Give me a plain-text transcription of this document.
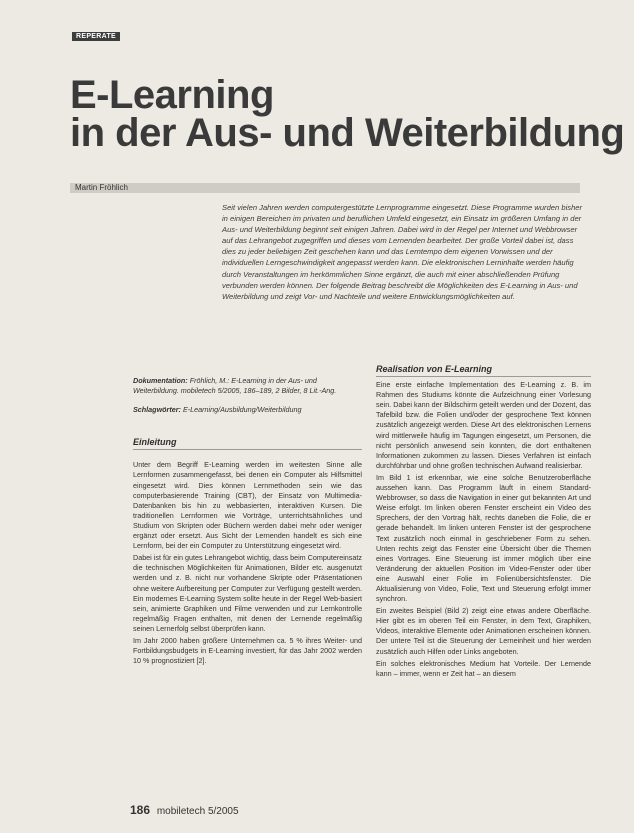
REPERATE
E-Learning
in der Aus- und Weiterbildung
Martin Fröhlich
Seit vielen Jahren werden computergestützte Lernprogramme eingesetzt. Diese Programme wurden bisher in einigen Bereichen im privaten und beruflichen Umfeld eingesetzt, ein Einsatz im größeren Umfang in der Aus- und Weiterbildung beginnt seit einigen Jahren. Dabei wird in der Regel per Internet und Webbrowser auf das Lehrangebot zugegriffen und dieses vom Lernenden bearbeitet. Der große Vorteil dabei ist, dass dies zu jeder beliebigen Zeit geschehen kann und das Lerntempo dem eigenen Vorwissen und der individuellen Lerngeschwindigkeit angepasst werden kann. Die elektronischen Lerninhalte werden häufig durch Veranstaltungen im herkömmlichen Sinne ergänzt, die auch mit einer abschließenden Prüfung verbunden werden können. Der folgende Beitrag beschreibt die Möglichkeiten des E-Learning in Aus- und Weiterbildung und zeigt Vor- und Nachteile und weitere Entwicklungsmöglichkeiten auf.

Dokumentation: Fröhlich, M.: E-Learning in der Aus- und Weiterbildung. mobiletech 5/2005, 186–189, 2 Bilder, 8 Lit.-Ang.

Schlagwörter: E-Learning/Ausbildung/Weiterbildung

Einleitung

Unter dem Begriff E-Learning werden im weitesten Sinne alle Lernformen zusammengefasst, bei denen ein Computer als Hilfsmittel eingesetzt wird. Dies können Lernmethoden sein wie das computerbasierende Training (CBT), der Einsatz von Multimedia-Datenbanken bis hin zu webbasierten, interaktiven Kursen. Die traditionellen Lernformen wie Vorträge, unterrichtsähnliches und Studium von Skripten oder Büchern werden dabei mehr oder weniger ergänzt oder ersetzt. Aus Sicht der Lernenden handelt es sich eine Lernform, bei der ein Computer zu Unterstützung eingesetzt wird.

Dabei ist für ein gutes Lehrangebot wichtig, dass beim Computereinsatz die technischen Möglichkeiten für Animationen, Bilder etc. ausgenutzt werden und z. B. nicht nur vorhandene Skripte oder Präsentationen ohne weitere Aufbereitung per Computer zur Verfügung gestellt werden. Ein modernes E-Learning System sollte heute in der Regel Web-basiert sein, animierte Graphiken und Filme verwenden und zur Lernkontrolle regelmäßig Fragen enthalten, mit denen der Lernende regelmäßig seinen Lernerfolg selbst überprüfen kann.

Im Jahr 2000 haben größere Unternehmen ca. 5 % ihres Weiter- und Fortbildungsbudgets in E-Learning investiert, für das Jahr 2002 werden 10 % prognostiziert [2].

Realisation von E-Learning

Eine erste einfache Implementation des E-Learning z. B. im Rahmen des Studiums könnte die Aufzeichnung einer Vorlesung sein. Dabei kann der Bildschirm geteilt werden und der Dozent, das Tafelbild bzw. die Folien und/oder der gesprochene Text können zusätzlich angezeigt werden. Diese Art des elektronischen Lernens wird mittlerweile häufig im Tagungen eingesetzt, um Personen, die nicht persönlich anwesend sein konnten, die dort enthaltenen Informationen zukommen zu lassen. Dieses Verfahren ist einfach durchführbar und ohne großen technischen Aufwand realisierbar.

Im Bild 1 ist erkennbar, wie eine solche Benutzeroberfläche aussehen kann. Das Programm läuft in einem Standard-Webbrowser, so dass die Navigation in einer gut bekannten Art und Weise erfolgt. Im linken oberen Fenster erscheint ein Video des Sprechers, der den Vortrag hält, rechts daneben die Folie, die er gerade behandelt. Im linken unteren Fenster ist der gesprochene Text zusätzlich noch einmal in geschriebener Form zu sehen. Unten rechts zeigt das Fenster eine Übersicht über die Themen eines Vortrages. Eine Steuerung ist immer möglich über eine Veränderung der aktuellen Position im Video-Fenster oder über eine Auswahl einer Folie im Folienübersichtsfenster. Die Aktualisierung von Video, Folie, Text und Steuerung erfolgt immer synchron.

Ein zweites Beispiel (Bild 2) zeigt eine etwas andere Oberfläche. Hier gibt es im oberen Teil ein Fenster, in dem Text, Graphiken, Videos, interaktive Elemente oder Animationen erscheinen können. Der untere Teil ist die Steuerung der Lerneinheit und hier werden zusätzlich auch Hilfen oder Links angeboten.

Ein solches elektronisches Medium hat Vorteile. Der Lernende kann – immer, wenn er Zeit hat – an diesem

186 mobiletech 5/2005
